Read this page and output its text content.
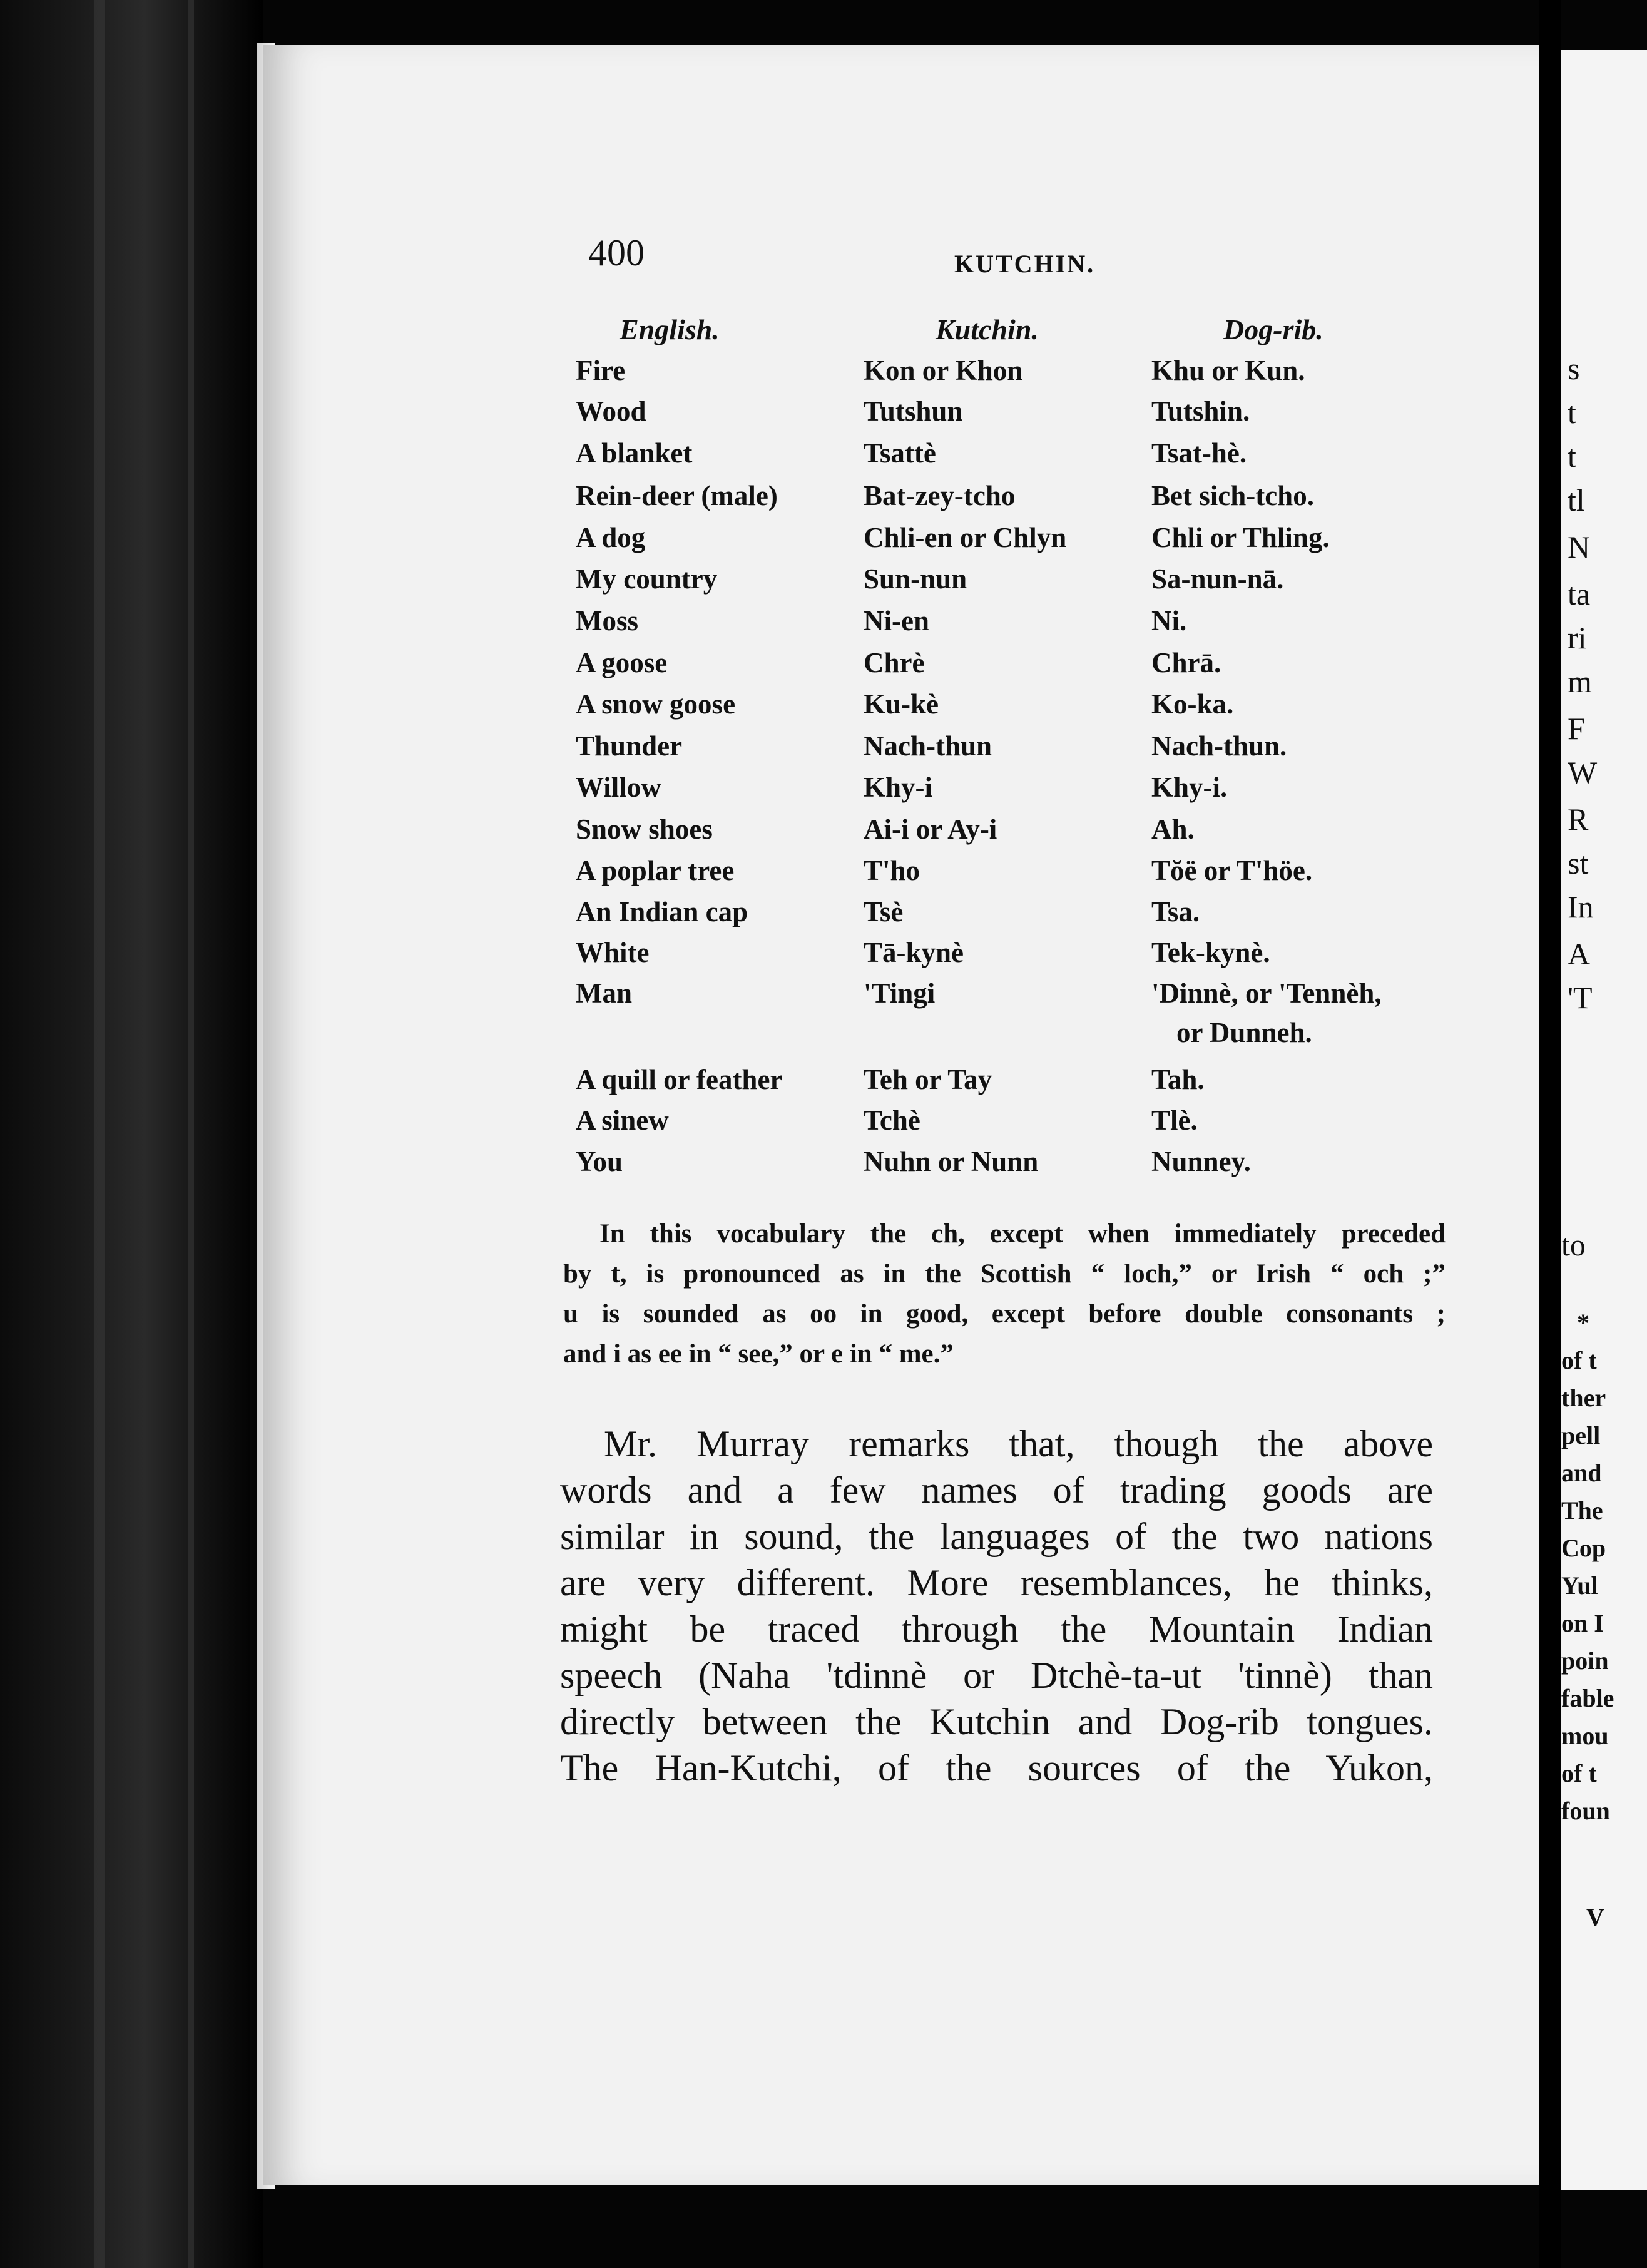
s
t
t
tl
N
ta
ri
m
F
W
R
st
In
A
'T
to
*
of t
ther
pell
and
The
Cop
Yul
on I
poin
fable
mou
of t
foun
V
400	KUTCHIN.
English.	Kutchin.	Dog-rib.
Fire	Kon or Khon	Khu or Kun.
Wood	Tutshun	Tutshin.
A blanket	Tsattè	Tsat-hè.
Rein-deer (male)	Bat-zey-tcho	Bet sich-tcho.
A dog	Chli-en or Chlyn	Chli or Thling.
My country	Sun-nun	Sa-nun-nā.
Moss	Ni-en	Ni.
A goose	Chrè	Chrā.
A snow goose	Ku-kè	Ko-ka.
Thunder	Nach-thun	Nach-thun.
Willow	Khy-i	Khy-i.
Snow shoes	Ai-i or Ay-i	Ah.
A poplar tree	T'ho	Tŏë or T'höe.
An Indian cap	Tsè	Tsa.
White	Tā-kynè	Tek-kynè.
Man	'Tingi	'Dinnè, or 'Tennèh,
or Dunneh.
A quill or feather	Teh or Tay	Tah.
A sinew	Tchè	Tlè.
You	Nuhn or Nunn	Nunney.

In this vocabulary the ch, except when immediately preceded

by t, is pronounced as in the Scottish “ loch,” or Irish “ och ;”

u is sounded as oo in good, except before double consonants ;

and i as ee in “ see,” or e in “ me.”

Mr. Murray remarks that, though the above
words and a few names of trading goods are
similar in sound, the languages of the two nations
are very different. More resemblances, he thinks,
might be traced through the Mountain Indian
speech (Naha 'tdinnè or Dtchè-ta-ut 'tinnè) than
directly between the Kutchin and Dog-rib tongues.
The Han-Kutchi, of the sources of the Yukon,
